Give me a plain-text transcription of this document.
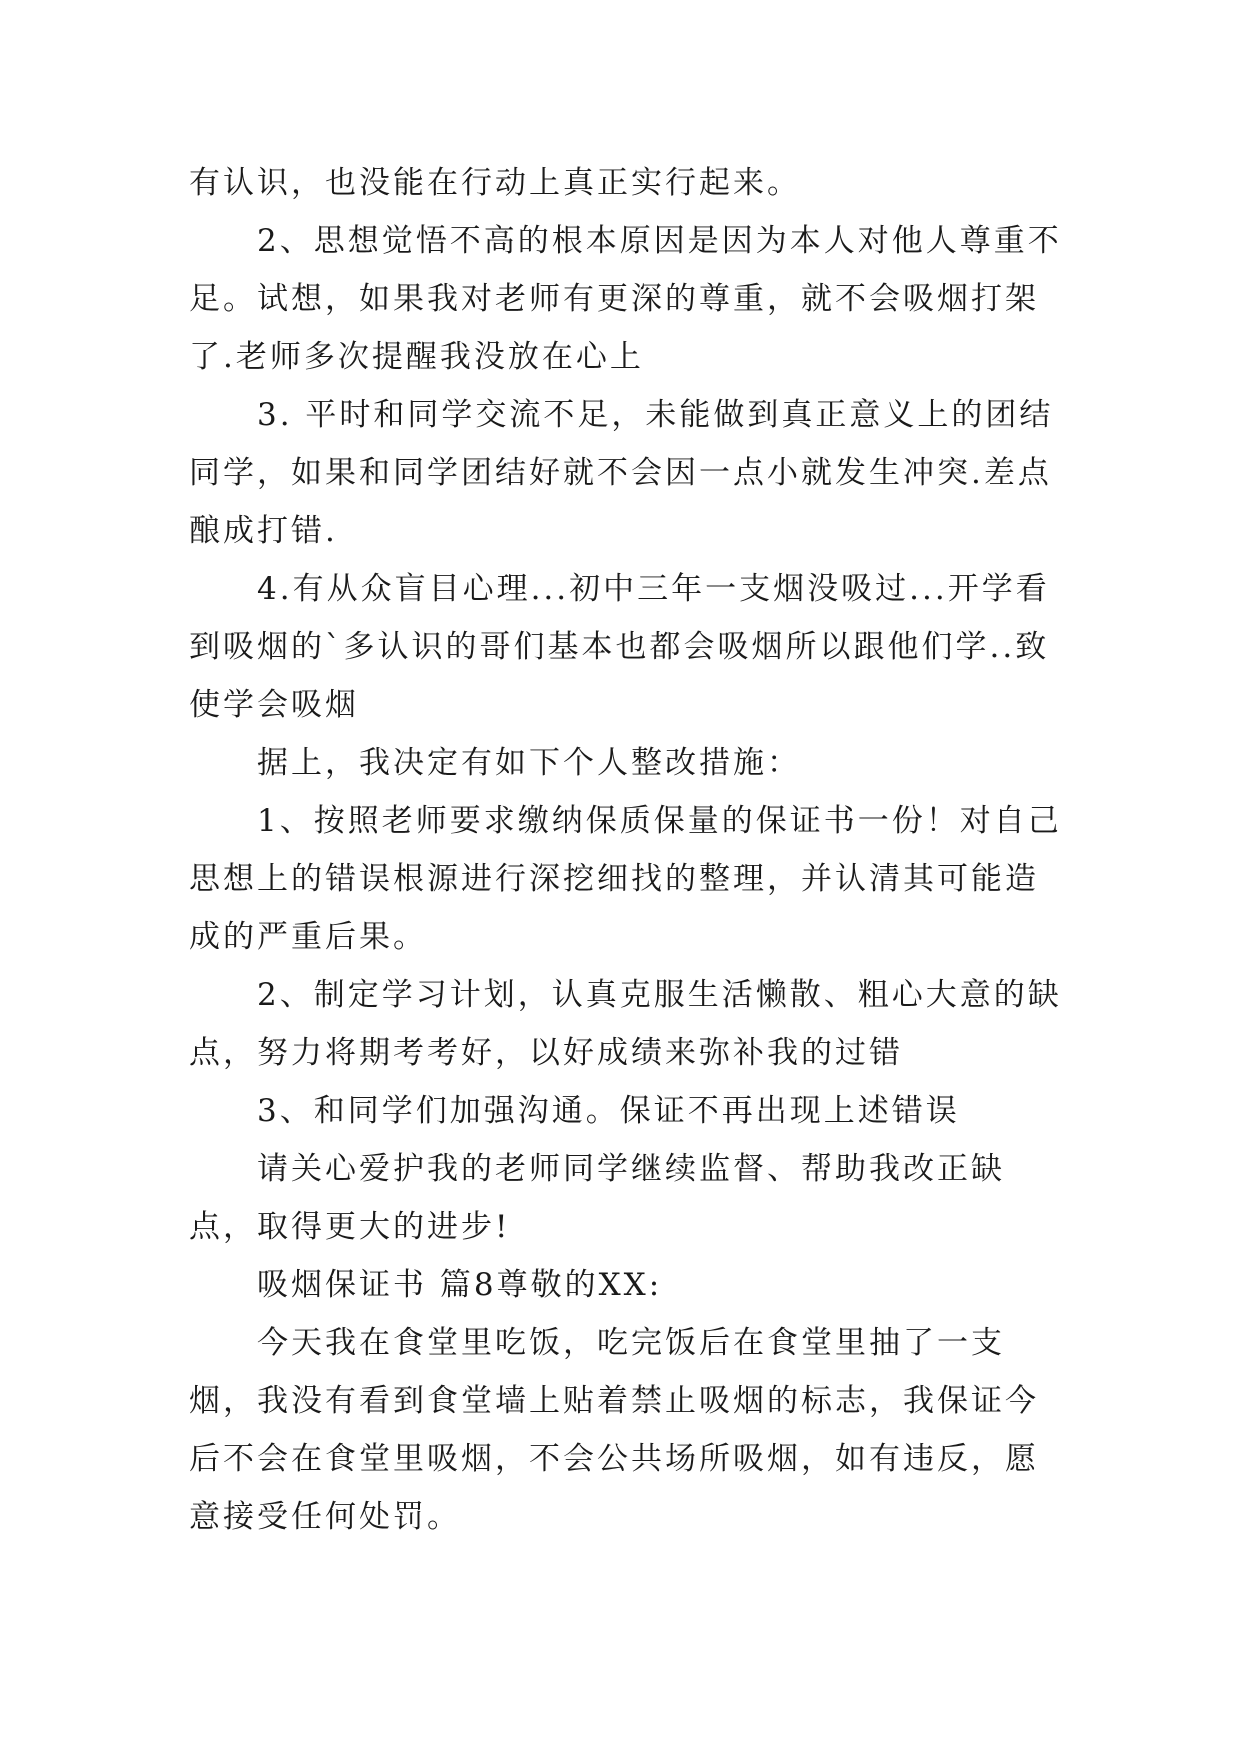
有认识，也没能在行动上真正实行起来。

2、思想觉悟不高的根本原因是因为本人对他人尊重不足。试想，如果我对老师有更深的尊重，就不会吸烟打架了.老师多次提醒我没放在心上

3. 平时和同学交流不足，未能做到真正意义上的团结同学，如果和同学团结好就不会因一点小就发生冲突.差点酿成打错.

4.有从众盲目心理...初中三年一支烟没吸过...开学看到吸烟的`多认识的哥们基本也都会吸烟所以跟他们学..致使学会吸烟

据上，我决定有如下个人整改措施：

1、按照老师要求缴纳保质保量的保证书一份！对自己思想上的错误根源进行深挖细找的整理，并认清其可能造成的严重后果。

2、制定学习计划，认真克服生活懒散、粗心大意的缺点，努力将期考考好，以好成绩来弥补我的过错

3、和同学们加强沟通。保证不再出现上述错误

请关心爱护我的老师同学继续监督、帮助我改正缺点，取得更大的进步!

吸烟保证书 篇8尊敬的XX:

今天我在食堂里吃饭，吃完饭后在食堂里抽了一支烟，我没有看到食堂墙上贴着禁止吸烟的标志，我保证今后不会在食堂里吸烟，不会公共场所吸烟，如有违反，愿意接受任何处罚。
